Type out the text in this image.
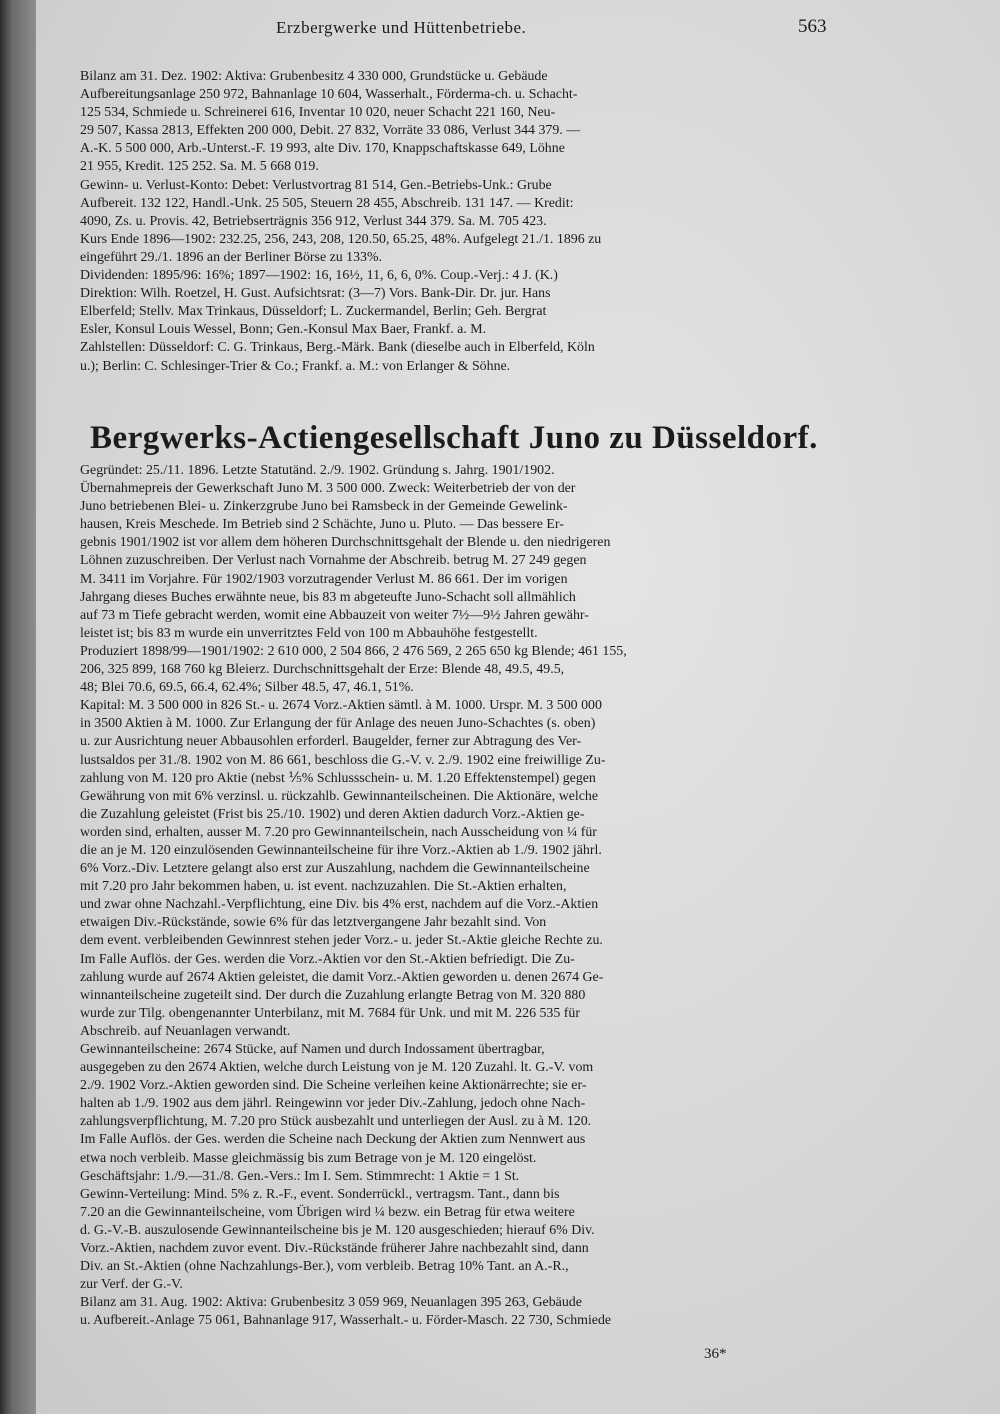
Erzbergwerke und Hüttenbetriebe.	563

Bilanz am 31. Dez. 1902: Aktiva: Grubenbesitz 4 330 000, Grundstücke u. Gebäude

Aufbereitungsanlage 250 972, Bahnanlage 10 604, Wasserhalt., Förderma-ch. u. Schacht-

125 534, Schmiede u. Schreinerei 616, Inventar 10 020, neuer Schacht 221 160, Neu-

29 507, Kassa 2813, Effekten 200 000, Debit. 27 832, Vorräte 33 086, Verlust 344 379. —

A.-K. 5 500 000, Arb.-Unterst.-F. 19 993, alte Div. 170, Knappschaftskasse 649, Löhne

21 955, Kredit. 125 252. Sa. M. 5 668 019.

Gewinn- u. Verlust-Konto: Debet: Verlustvortrag 81 514, Gen.-Betriebs-Unk.: Grube

Aufbereit. 132 122, Handl.-Unk. 25 505, Steuern 28 455, Abschreib. 131 147. — Kredit:

4090, Zs. u. Provis. 42, Betriebserträgnis 356 912, Verlust 344 379. Sa. M. 705 423.

Kurs Ende 1896—1902: 232.25, 256, 243, 208, 120.50, 65.25, 48%. Aufgelegt 21./1. 1896 zu

eingeführt 29./1. 1896 an der Berliner Börse zu 133%.

Dividenden: 1895/96: 16%; 1897—1902: 16, 16½, 11, 6, 6, 0%. Coup.-Verj.: 4 J. (K.)

Direktion: Wilh. Roetzel, H. Gust. Aufsichtsrat: (3—7) Vors. Bank-Dir. Dr. jur. Hans

Elberfeld; Stellv. Max Trinkaus, Düsseldorf; L. Zuckermandel, Berlin; Geh. Bergrat

Esler, Konsul Louis Wessel, Bonn; Gen.-Konsul Max Baer, Frankf. a. M.

Zahlstellen: Düsseldorf: C. G. Trinkaus, Berg.-Märk. Bank (dieselbe auch in Elberfeld, Köln

u.); Berlin: C. Schlesinger-Trier & Co.; Frankf. a. M.: von Erlanger & Söhne.

Bergwerks-Actiengesellschaft Juno zu Düsseldorf.

Gegründet: 25./11. 1896. Letzte Statutänd. 2./9. 1902. Gründung s. Jahrg. 1901/1902.

Übernahmepreis der Gewerkschaft Juno M. 3 500 000. Zweck: Weiterbetrieb der von der

Juno betriebenen Blei- u. Zinkerzgrube Juno bei Ramsbeck in der Gemeinde Gewelink-

hausen, Kreis Meschede. Im Betrieb sind 2 Schächte, Juno u. Pluto. — Das bessere Er-

gebnis 1901/1902 ist vor allem dem höheren Durchschnittsgehalt der Blende u. den niedrigeren

Löhnen zuzuschreiben. Der Verlust nach Vornahme der Abschreib. betrug M. 27 249 gegen

M. 3411 im Vorjahre. Für 1902/1903 vorzutragender Verlust M. 86 661. Der im vorigen

Jahrgang dieses Buches erwähnte neue, bis 83 m abgeteufte Juno-Schacht soll allmählich

auf 73 m Tiefe gebracht werden, womit eine Abbauzeit von weiter 7½—9½ Jahren gewähr-

leistet ist; bis 83 m wurde ein unverritztes Feld von 100 m Abbauhöhe festgestellt.

Produziert 1898/99—1901/1902: 2 610 000, 2 504 866, 2 476 569, 2 265 650 kg Blende; 461 155,

206, 325 899, 168 760 kg Bleierz. Durchschnittsgehalt der Erze: Blende 48, 49.5, 49.5,

48; Blei 70.6, 69.5, 66.4, 62.4%; Silber 48.5, 47, 46.1, 51%.

Kapital: M. 3 500 000 in 826 St.- u. 2674 Vorz.-Aktien sämtl. à M. 1000. Urspr. M. 3 500 000

in 3500 Aktien à M. 1000. Zur Erlangung der für Anlage des neuen Juno-Schachtes (s. oben)

u. zur Ausrichtung neuer Abbausohlen erforderl. Baugelder, ferner zur Abtragung des Ver-

lustsaldos per 31./8. 1902 von M. 86 661, beschloss die G.-V. v. 2./9. 1902 eine freiwillige Zu-

zahlung von M. 120 pro Aktie (nebst ⅕% Schlussschein- u. M. 1.20 Effektenstempel) gegen

Gewährung von mit 6% verzinsl. u. rückzahlb. Gewinnanteilscheinen. Die Aktionäre, welche

die Zuzahlung geleistet (Frist bis 25./10. 1902) und deren Aktien dadurch Vorz.-Aktien ge-

worden sind, erhalten, ausser M. 7.20 pro Gewinnanteilschein, nach Ausscheidung von ¼ für

die an je M. 120 einzulösenden Gewinnanteilscheine für ihre Vorz.-Aktien ab 1./9. 1902 jährl.

6% Vorz.-Div. Letztere gelangt also erst zur Auszahlung, nachdem die Gewinnanteilscheine

mit 7.20 pro Jahr bekommen haben, u. ist event. nachzuzahlen. Die St.-Aktien erhalten,

und zwar ohne Nachzahl.-Verpflichtung, eine Div. bis 4% erst, nachdem auf die Vorz.-Aktien

etwaigen Div.-Rückstände, sowie 6% für das letztvergangene Jahr bezahlt sind. Von

dem event. verbleibenden Gewinnrest stehen jeder Vorz.- u. jeder St.-Aktie gleiche Rechte zu.

Im Falle Auflös. der Ges. werden die Vorz.-Aktien vor den St.-Aktien befriedigt. Die Zu-

zahlung wurde auf 2674 Aktien geleistet, die damit Vorz.-Aktien geworden u. denen 2674 Ge-

winnanteilscheine zugeteilt sind. Der durch die Zuzahlung erlangte Betrag von M. 320 880

wurde zur Tilg. obengenannter Unterbilanz, mit M. 7684 für Unk. und mit M. 226 535 für

Abschreib. auf Neuanlagen verwandt.

Gewinnanteilscheine: 2674 Stücke, auf Namen und durch Indossament übertragbar,

ausgegeben zu den 2674 Aktien, welche durch Leistung von je M. 120 Zuzahl. lt. G.-V. vom

2./9. 1902 Vorz.-Aktien geworden sind. Die Scheine verleihen keine Aktionärrechte; sie er-

halten ab 1./9. 1902 aus dem jährl. Reingewinn vor jeder Div.-Zahlung, jedoch ohne Nach-

zahlungsverpflichtung, M. 7.20 pro Stück ausbezahlt und unterliegen der Ausl. zu à M. 120.

Im Falle Auflös. der Ges. werden die Scheine nach Deckung der Aktien zum Nennwert aus

etwa noch verbleib. Masse gleichmässig bis zum Betrage von je M. 120 eingelöst.

Geschäftsjahr: 1./9.—31./8. Gen.-Vers.: Im I. Sem. Stimmrecht: 1 Aktie = 1 St.

Gewinn-Verteilung: Mind. 5% z. R.-F., event. Sonderrückl., vertragsm. Tant., dann bis

7.20 an die Gewinnanteilscheine, vom Übrigen wird ¼ bezw. ein Betrag für etwa weitere

d. G.-V.-B. auszulosende Gewinnanteilscheine bis je M. 120 ausgeschieden; hierauf 6% Div.

Vorz.-Aktien, nachdem zuvor event. Div.-Rückstände früherer Jahre nachbezahlt sind, dann

Div. an St.-Aktien (ohne Nachzahlungs-Ber.), vom verbleib. Betrag 10% Tant. an A.-R.,

zur Verf. der G.-V.

Bilanz am 31. Aug. 1902: Aktiva: Grubenbesitz 3 059 969, Neuanlagen 395 263, Gebäude

u. Aufbereit.-Anlage 75 061, Bahnanlage 917, Wasserhalt.- u. Förder-Masch. 22 730, Schmiede

36*
